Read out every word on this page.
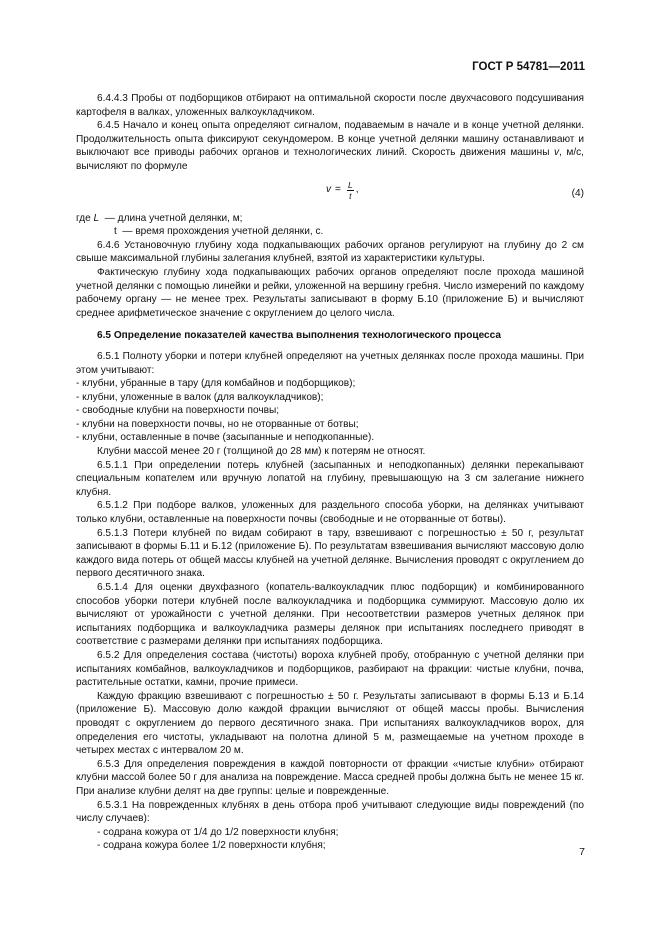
ГОСТ Р 54781—2011

6.4.4.3 Пробы от подборщиков отбирают на оптимальной скорости после двухчасового подсушивания картофеля в валках, уложенных валкоукладчиком.

6.4.5 Начало и конец опыта определяют сигналом, подаваемым в начале и в конце учетной делянки. Продолжительность опыта фиксируют секундомером. В конце учетной делянки машину останавливают и выключают все приводы рабочих органов и технологических линий. Скорость движения машины v, м/с, вычисляют по формуле

$v = \frac{L}{t}$ ,	(4)

где L — длина учетной делянки, м;

t — время прохождения учетной делянки, с.

6.4.6 Установочную глубину хода подкапывающих рабочих органов регулируют на глубину до 2 см свыше максимальной глубины залегания клубней, взятой из характеристики культуры.

Фактическую глубину хода подкапывающих рабочих органов определяют после прохода машиной учетной делянки с помощью линейки и рейки, уложенной на вершину гребня. Число измерений по каждому рабочему органу — не менее трех. Результаты записывают в форму Б.10 (приложение Б) и вычисляют среднее арифметическое значение с округлением до целого числа.

6.5 Определение показателей качества выполнения технологического процесса

6.5.1 Полноту уборки и потери клубней определяют на учетных делянках после прохода машины. При этом учитывают:

- клубни, убранные в тару (для комбайнов и подборщиков);

- клубни, уложенные в валок (для валкоукладчиков);

- свободные клубни на поверхности почвы;

- клубни на поверхности почвы, но не оторванные от ботвы;

- клубни, оставленные в почве (засыпанные и неподкопанные).

Клубни массой менее 20 г (толщиной до 28 мм) к потерям не относят.

6.5.1.1 При определении потерь клубней (засыпанных и неподкопанных) делянки перекапывают специальным копателем или вручную лопатой на глубину, превышающую на 3 см залегание нижнего клубня.

6.5.1.2 При подборе валков, уложенных для раздельного способа уборки, на делянках учитывают только клубни, оставленные на поверхности почвы (свободные и не оторванные от ботвы).

6.5.1.3 Потери клубней по видам собирают в тару, взвешивают с погрешностью ± 50 г, результат записывают в формы Б.11 и Б.12 (приложение Б). По результатам взвешивания вычисляют массовую долю каждого вида потерь от общей массы клубней на учетной делянке. Вычисления проводят с округлением до первого десятичного знака.

6.5.1.4 Для оценки двухфазного (копатель-валкоукладчик плюс подборщик) и комбинированного способов уборки потери клубней после валкоукладчика и подборщика суммируют. Массовую долю их вычисляют от урожайности с учетной делянки. При несоответствии размеров учетных делянок при испытаниях подборщика и валкоукладчика размеры делянок при испытаниях последнего приводят в соответствие с размерами делянки при испытаниях подборщика.

6.5.2 Для определения состава (чистоты) вороха клубней пробу, отобранную с учетной делянки при испытаниях комбайнов, валкоукладчиков и подборщиков, разбирают на фракции: чистые клубни, почва, растительные остатки, камни, прочие примеси.

Каждую фракцию взвешивают с погрешностью ± 50 г. Результаты записывают в формы Б.13 и Б.14 (приложение Б). Массовую долю каждой фракции вычисляют от общей массы пробы. Вычисления проводят с округлением до первого десятичного знака. При испытаниях валкоукладчиков ворох, для определения его чистоты, укладывают на полотна длиной 5 м, размещаемые на учетном проходе в четырех местах с интервалом 20 м.

6.5.3 Для определения повреждения в каждой повторности от фракции «чистые клубни» отбирают клубни массой более 50 г для анализа на повреждение. Масса средней пробы должна быть не менее 15 кг. При анализе клубни делят на две группы: целые и поврежденные.

6.5.3.1 На поврежденных клубнях в день отбора проб учитывают следующие виды повреждений (по числу случаев):

- содрана кожура от 1/4 до 1/2 поверхности клубня;

- содрана кожура более 1/2 поверхности клубня;

7
